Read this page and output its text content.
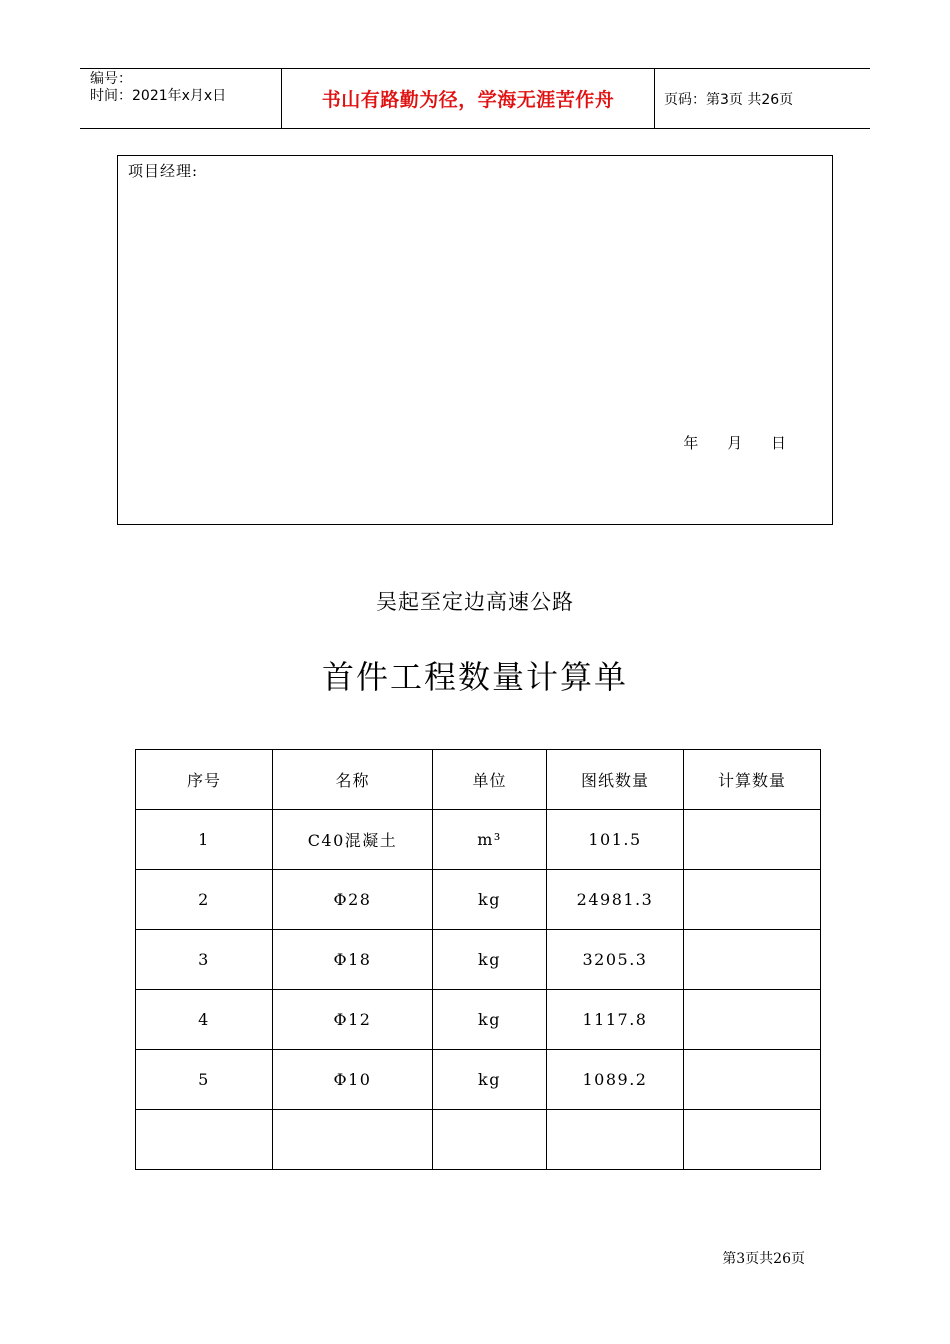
编号：
时间：2021年x月x日	书山有路勤为径，学海无涯苦作舟	页码：第3页 共26页
项目经理:
年 月 日
吴起至定边高速公路
首件工程数量计算单
序号	名称	单位	图纸数量	计算数量
1	C40混凝土	m³	101.5	
2	Φ28	kg	24981.3	
3	Φ18	kg	3205.3	
4	Φ12	kg	1117.8	
5	Φ10	kg	1089.2	

第3页共26页
